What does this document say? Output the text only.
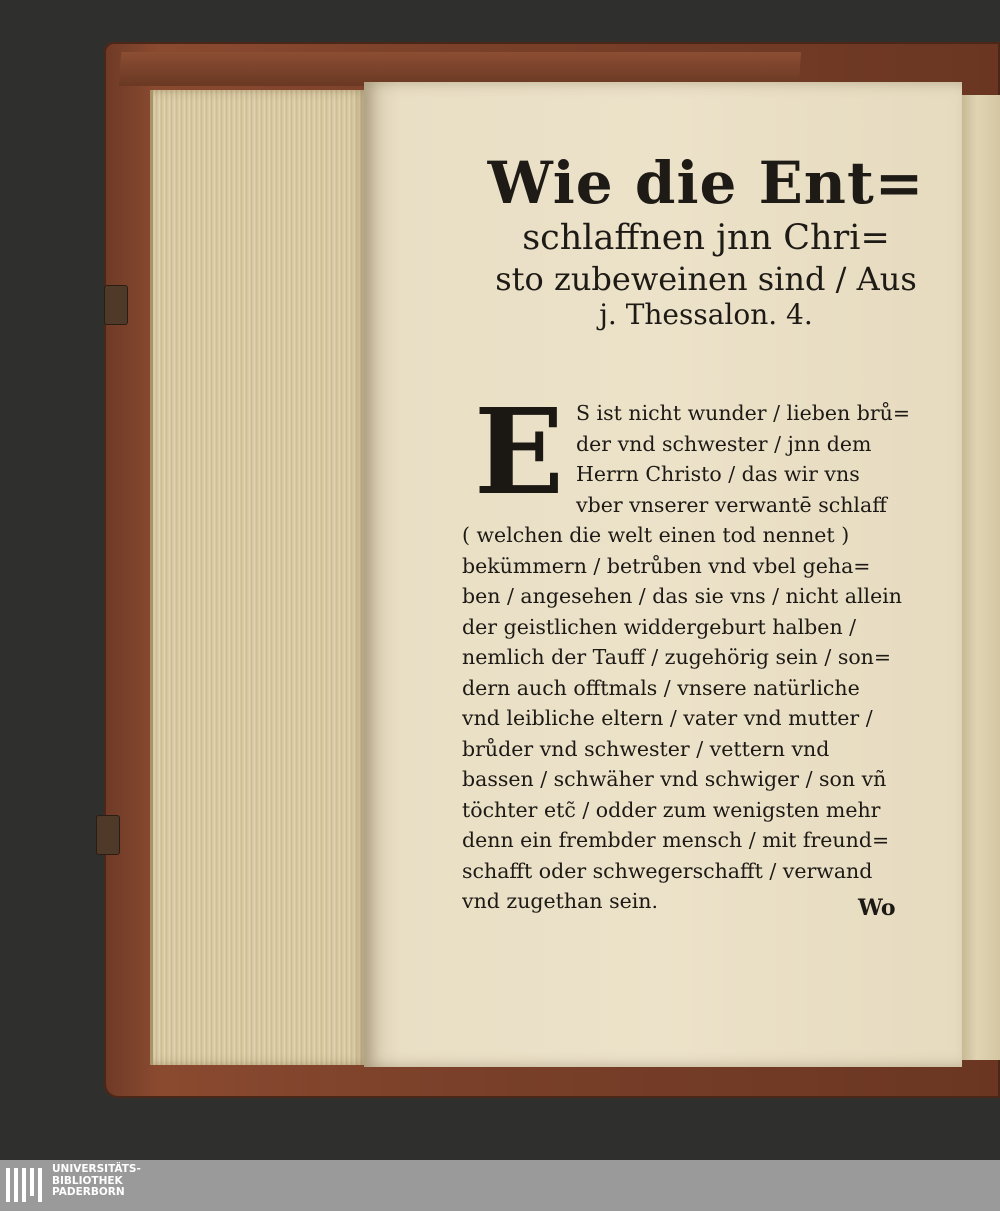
Wie die Ent=
schlaffnen jnn Chri=
sto zubeweinen sind / Aus
j. Thessalon. 4.
E S ist nicht wunder / lieben brů=
der vnd schwester / jnn dem
Herrn Christo / das wir vns
vber vnserer verwantē schlaff
( welchen die welt einen tod nennet )
bekümmern / betrůben vnd vbel geha=
ben / angesehen / das sie vns / nicht allein
der geistlichen widdergeburt halben /
nemlich der Tauff / zugehörig sein / son=
dern auch offtmals / vnsere natürliche
vnd leibliche eltern / vater vnd mutter /
brůder vnd schwester / vettern vnd
bassen / schwäher vnd schwiger / son vñ
töchter etc̃ / odder zum wenigsten mehr
denn ein frembder mensch / mit freund=
schafft oder schwegerschafft / verwand
vnd zugethan sein.	Wo
UNIVERSITÄTS-
BIBLIOTHEK
PADERBORN
